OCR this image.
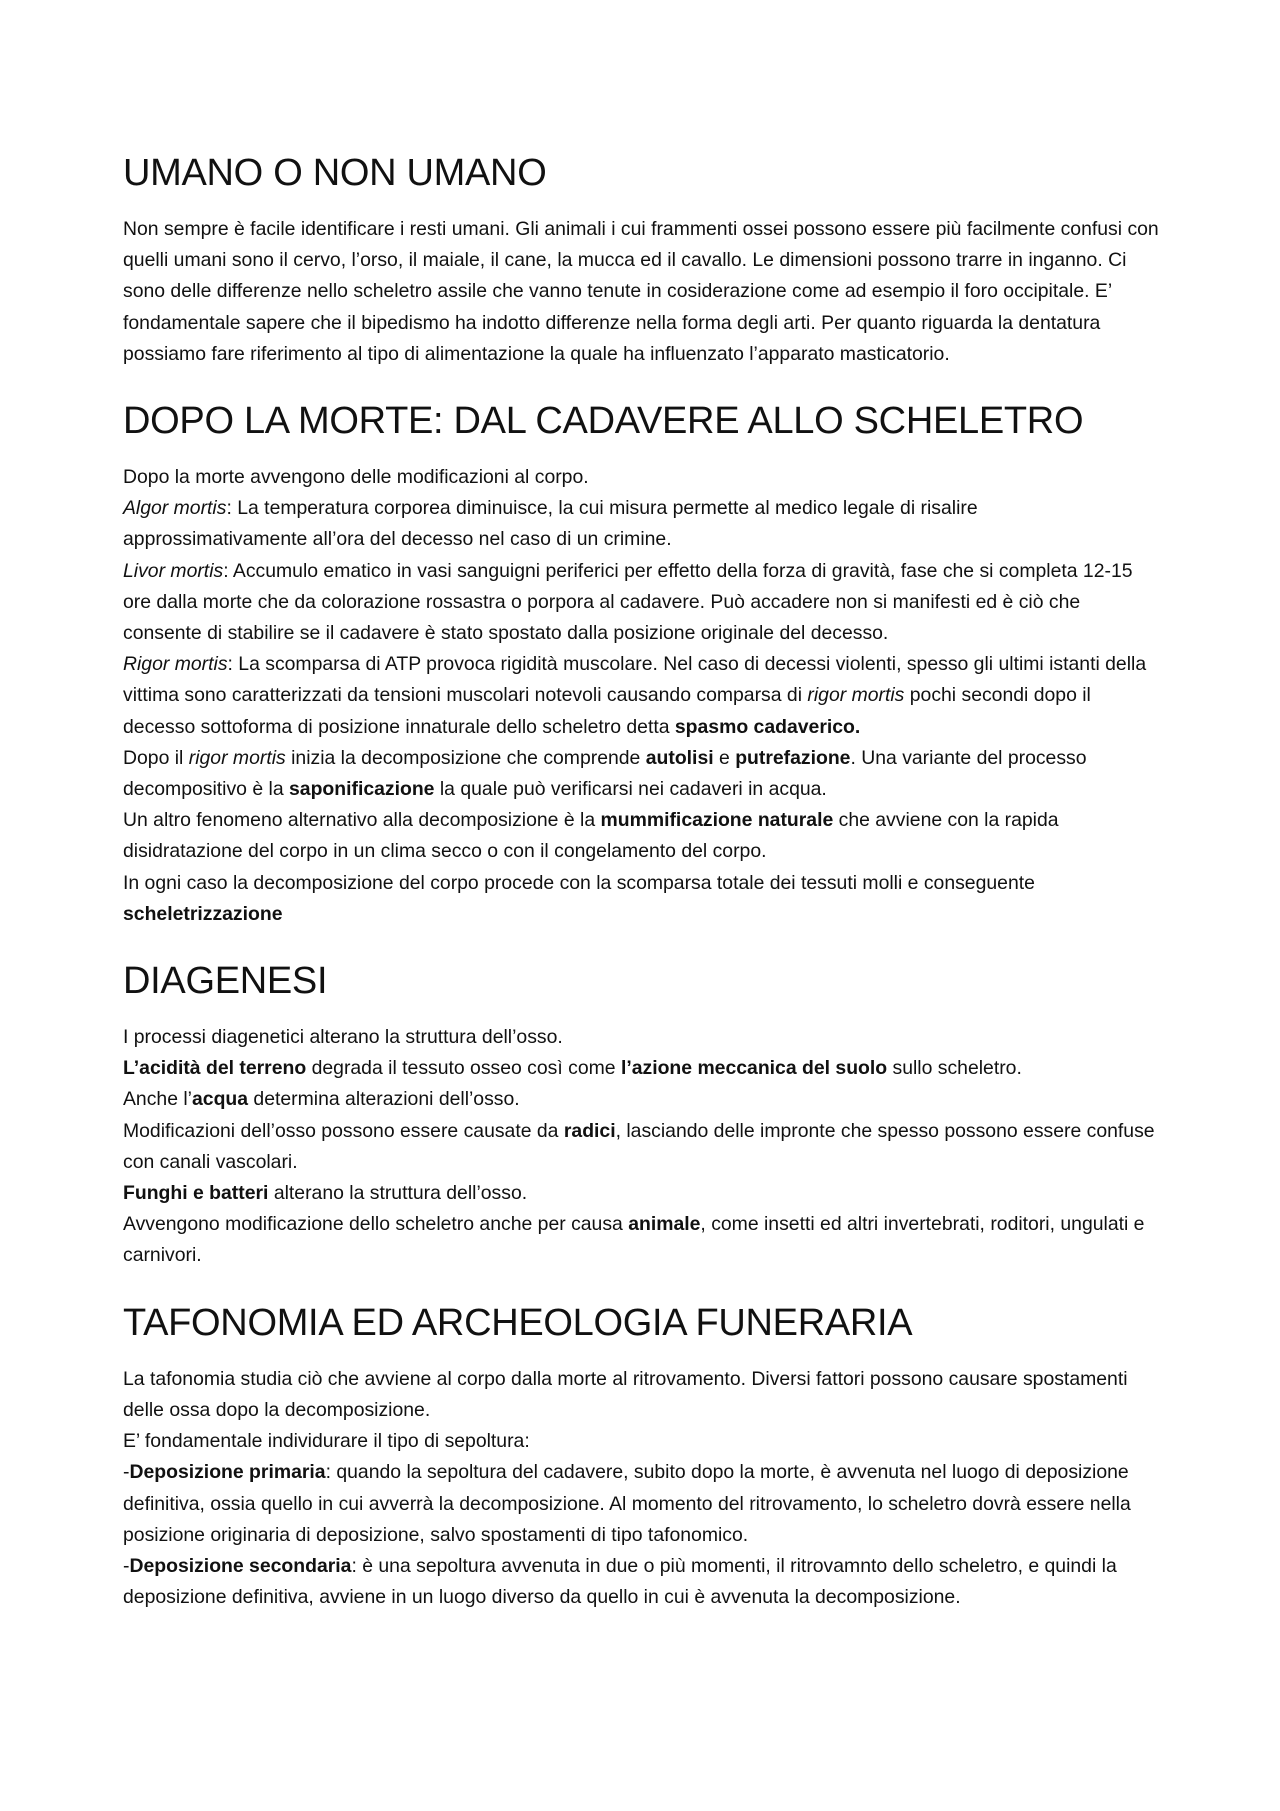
UMANO O NON UMANO

Non sempre è facile identificare i resti umani. Gli animali i cui frammenti ossei possono essere più facilmente confusi con quelli umani sono il cervo, l’orso, il maiale, il cane, la mucca ed il cavallo. Le dimensioni possono trarre in inganno. Ci sono delle differenze nello scheletro assile che vanno tenute in cosiderazione come ad esempio il foro occipitale. E’ fondamentale sapere che il bipedismo ha indotto differenze nella forma degli arti. Per quanto riguarda la dentatura possiamo fare riferimento al tipo di alimentazione la quale ha influenzato l’apparato masticatorio.

DOPO LA MORTE: DAL CADAVERE ALLO SCHELETRO

Dopo la morte avvengono delle modificazioni al corpo.

Algor mortis: La temperatura corporea diminuisce, la cui misura permette al medico legale di risalire approssimativamente all’ora del decesso nel caso di un crimine.

Livor mortis: Accumulo ematico in vasi sanguigni periferici per effetto della forza di gravità, fase che si completa 12-15 ore dalla morte che da colorazione rossastra o porpora al cadavere. Può accadere non si manifesti ed è ciò che consente di stabilire se il cadavere è stato spostato dalla posizione originale del decesso.

Rigor mortis: La scomparsa di ATP provoca rigidità muscolare. Nel caso di decessi violenti, spesso gli ultimi istanti della vittima sono caratterizzati da tensioni muscolari notevoli causando comparsa di rigor mortis pochi secondi dopo il decesso sottoforma di posizione innaturale dello scheletro detta spasmo cadaverico.

Dopo il rigor mortis inizia la decomposizione che comprende autolisi e putrefazione. Una variante del processo decompositivo è la saponificazione la quale può verificarsi nei cadaveri in acqua.

Un altro fenomeno alternativo alla decomposizione è la mummificazione naturale che avviene con la rapida disidratazione del corpo in un clima secco o con il congelamento del corpo.

In ogni caso la decomposizione del corpo procede con la scomparsa totale dei tessuti molli e conseguente scheletrizzazione

DIAGENESI

I processi diagenetici alterano la struttura dell’osso.

L’acidità del terreno degrada il tessuto osseo così come l’azione meccanica del suolo sullo scheletro.

Anche l’acqua determina alterazioni dell’osso.

Modificazioni dell’osso possono essere causate da radici, lasciando delle impronte che spesso possono essere confuse con canali vascolari.

Funghi e batteri alterano la struttura dell’osso.

Avvengono modificazione dello scheletro anche per causa animale, come insetti ed altri invertebrati, roditori, ungulati e carnivori.

TAFONOMIA ED ARCHEOLOGIA FUNERARIA

La tafonomia studia ciò che avviene al corpo dalla morte al ritrovamento. Diversi fattori possono causare spostamenti delle ossa dopo la decomposizione.

E’ fondamentale individurare il tipo di sepoltura:

-Deposizione primaria: quando la sepoltura del cadavere, subito dopo la morte, è avvenuta nel luogo di deposizione definitiva, ossia quello in cui avverrà la decomposizione. Al momento del ritrovamento, lo scheletro dovrà essere nella posizione originaria di deposizione, salvo spostamenti di tipo tafonomico.

-Deposizione secondaria: è una sepoltura avvenuta in due o più momenti, il ritrovamnto dello scheletro, e quindi la deposizione definitiva, avviene in un luogo diverso da quello in cui è avvenuta la decomposizione.
